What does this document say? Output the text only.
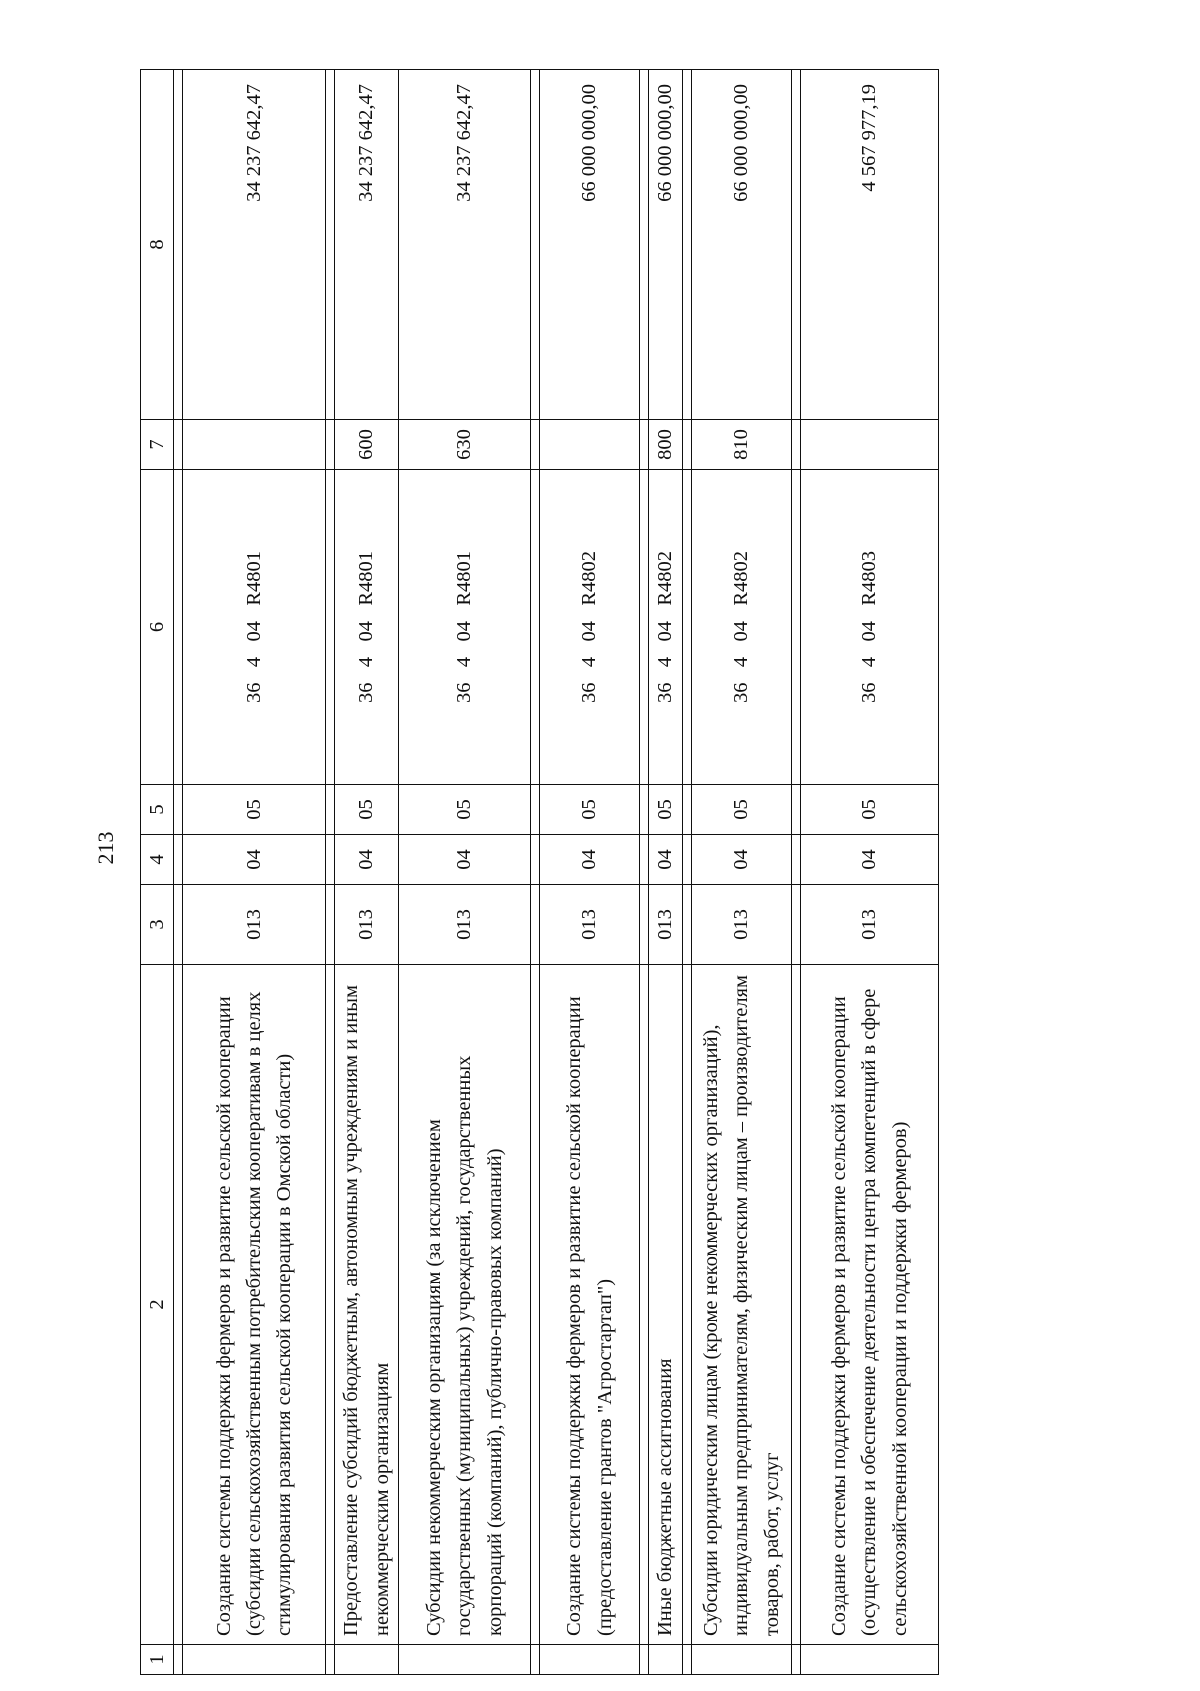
213
1	2	3	4	5	6	7	8

	Создание системы поддержки фермеров и развитие сельской кооперации (субсидии сельскохозяйственным потребительским кооперативам в целях стимулирования развития сельской кооперации в Омской области)	013	04	05	36   4   04   R4801		34 237 642,47

	Предоставление субсидий бюджетным, автономным учреждениям и иным некоммерческим организациям	013	04	05	36   4   04   R4801	600	34 237 642,47
	Субсидии некоммерческим организациям (за исключением государственных (муниципальных) учреждений, государственных корпораций (компаний), публично-правовых компаний)	013	04	05	36   4   04   R4801	630	34 237 642,47

	Создание системы поддержки фермеров и развитие сельской кооперации (предоставление грантов "Агростартап")	013	04	05	36   4   04   R4802		66 000 000,00

	Иные бюджетные ассигнования	013	04	05	36   4   04   R4802	800	66 000 000,00

	Субсидии юридическим лицам (кроме некоммерческих организаций), индивидуальным предпринимателям, физическим лицам – производителям товаров, работ, услуг	013	04	05	36   4   04   R4802	810	66 000 000,00

	Создание системы поддержки фермеров и развитие сельской кооперации (осуществление и обеспечение деятельности центра компетенций в сфере сельскохозяйственной кооперации и поддержки фермеров)	013	04	05	36   4   04   R4803		4 567 977,19
